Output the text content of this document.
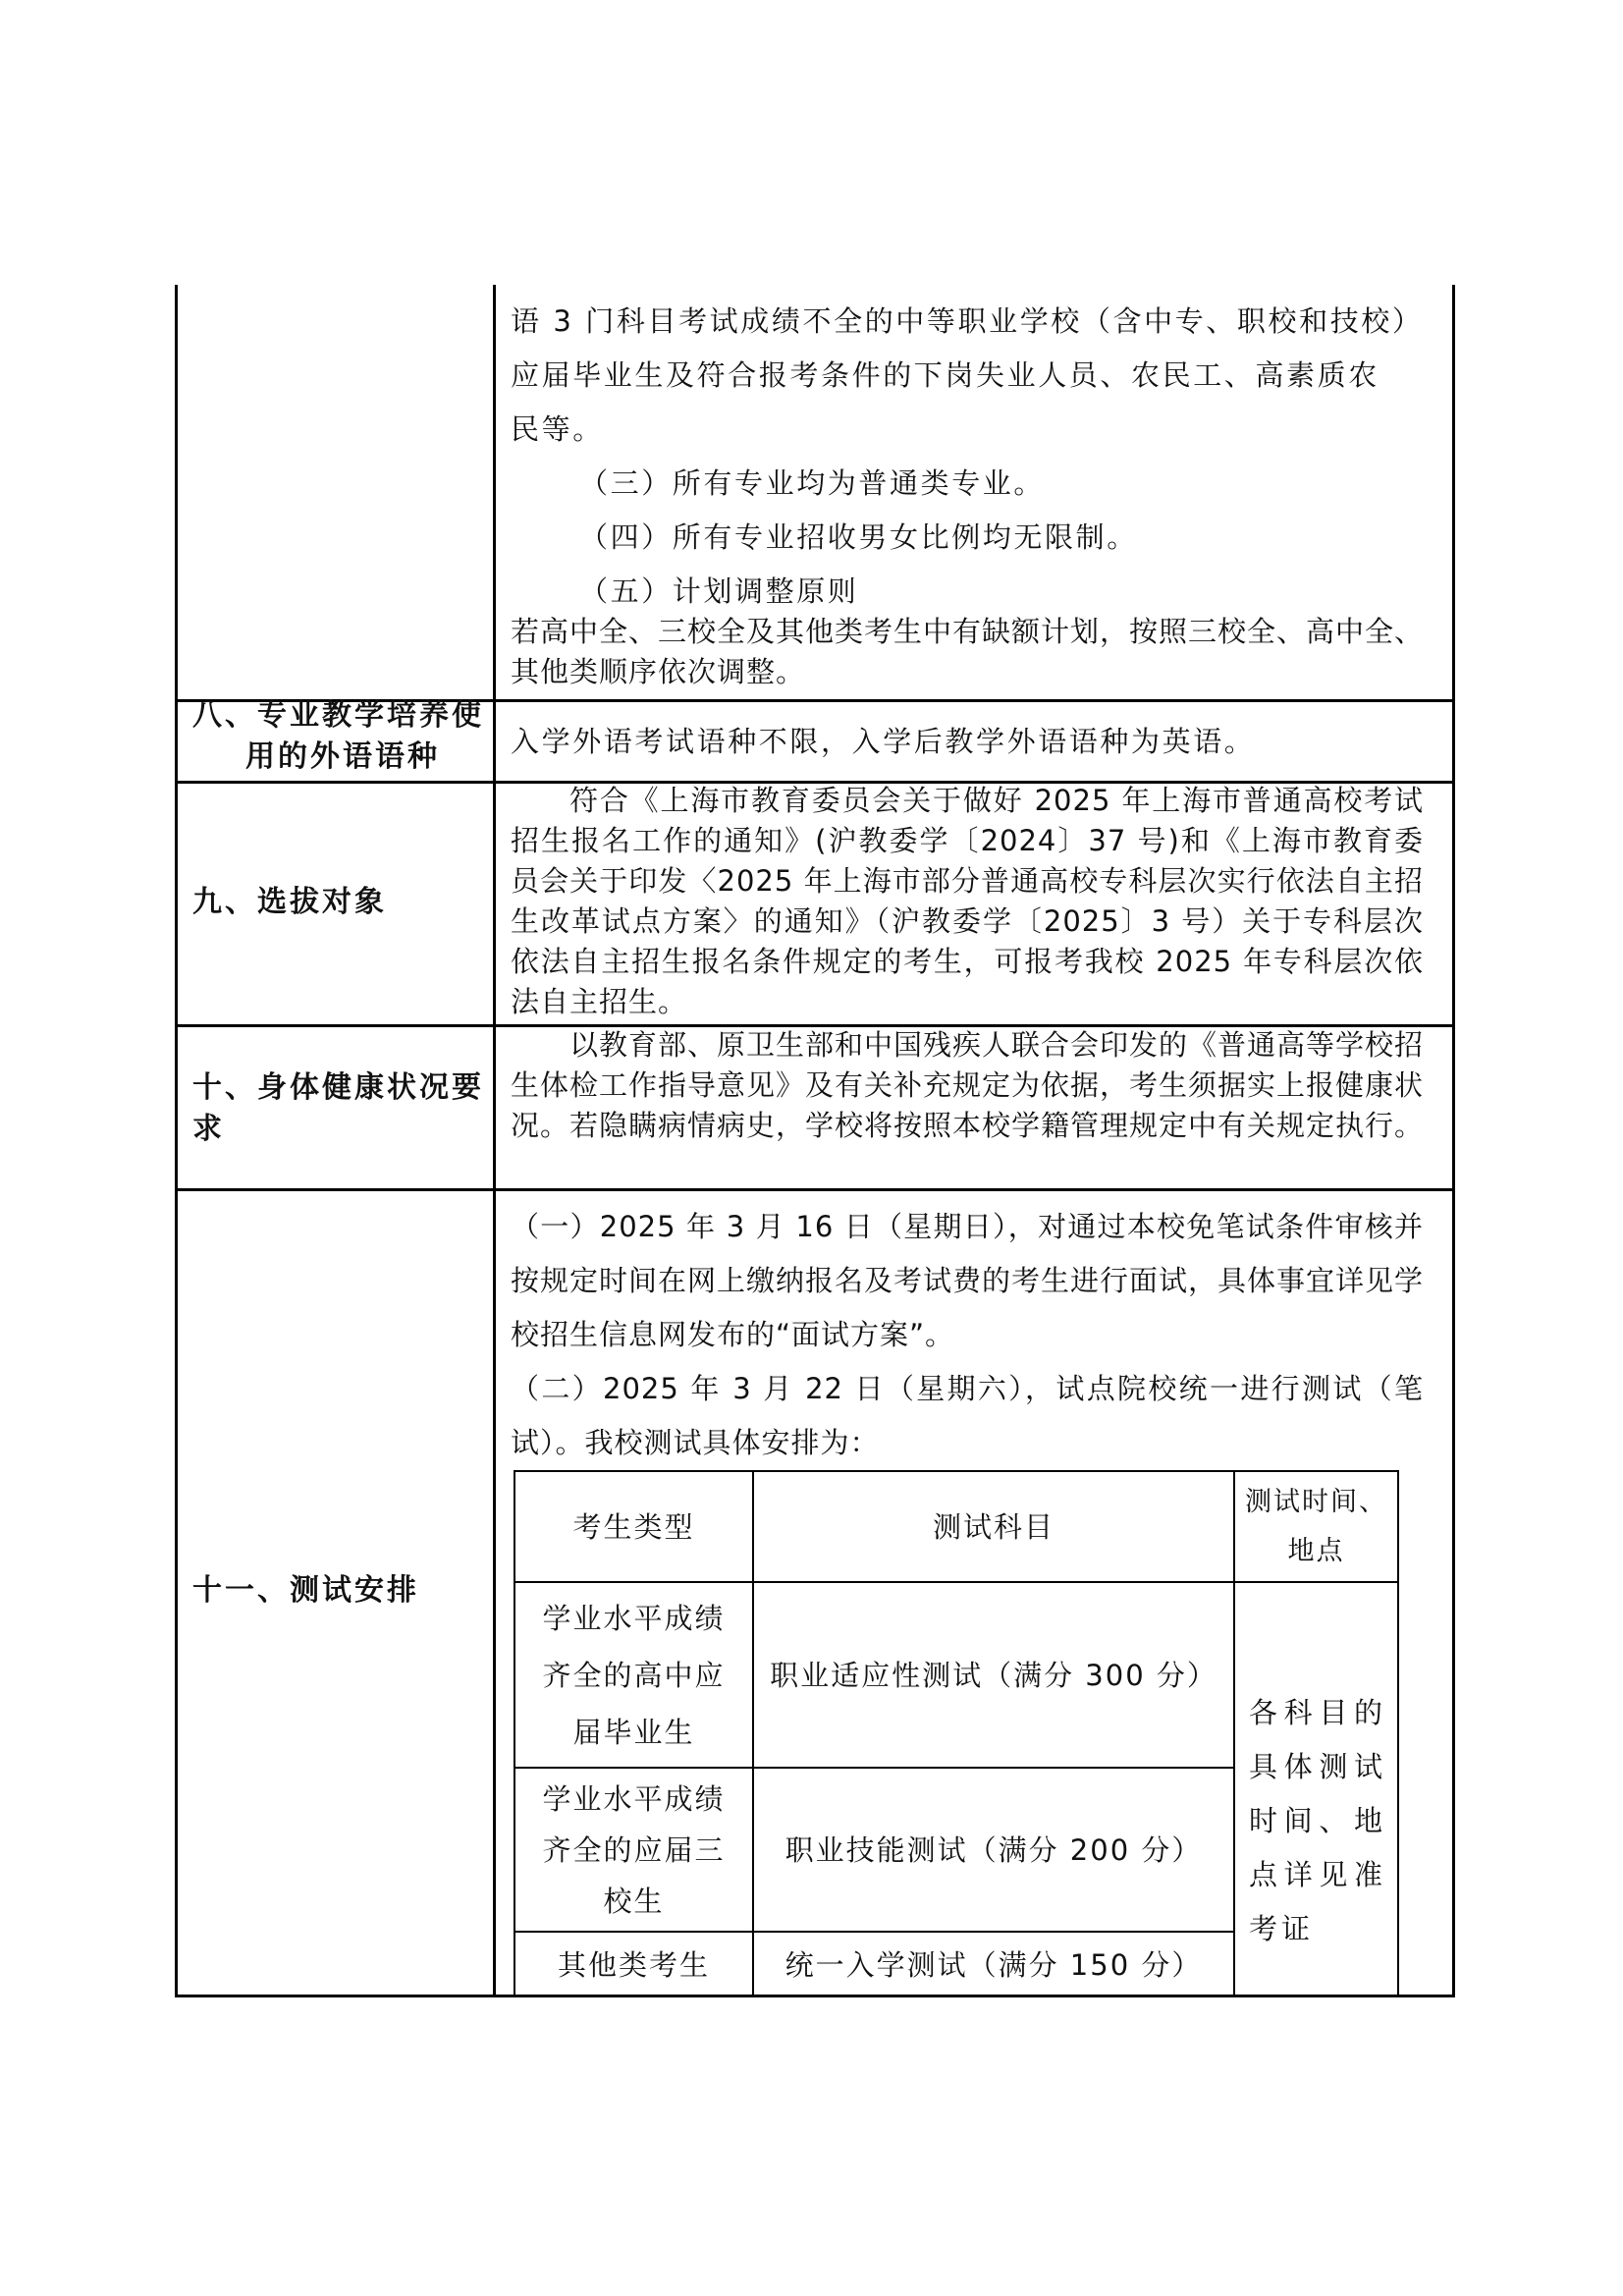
语 3 门科目考试成绩不全的中等职业学校（含中专、职校和技校）
应届毕业生及符合报考条件的下岗失业人员、农民工、高素质农
民等。
（三）所有专业均为普通类专业。
（四）所有专业招收男女比例均无限制。
（五）计划调整原则
若高中全、三校全及其他类考生中有缺额计划，按照三校全、高中全、其他类顺序依次调整。
八、专业教学培养使
用的外语语种 入学外语考试语种不限，入学后教学外语语种为英语。
九、选拔对象
符合《上海市教育委员会关于做好 2025 年上海市普通高校考试招生报名工作的通知》(沪教委学〔2024〕37 号)和《上海市教育委员会关于印发〈2025 年上海市部分普通高校专科层次实行依法自主招生改革试点方案〉的通知》（沪教委学〔2025〕3 号）关于专科层次依法自主招生报名条件规定的考生，可报考我校 2025 年专科层次依法自主招生。
十、身体健康状况要
求
以教育部、原卫生部和中国残疾人联合会印发的《普通高等学校招生体检工作指导意见》及有关补充规定为依据，考生须据实上报健康状况。若隐瞒病情病史，学校将按照本校学籍管理规定中有关规定执行。
十一、测试安排
（一）2025 年 3 月 16 日（星期日），对通过本校免笔试条件审核并按规定时间在网上缴纳报名及考试费的考生进行面试，具体事宜详见学校招生信息网发布的“面试方案”。
（二）2025 年 3 月 22 日（星期六），试点院校统一进行测试（笔试）。我校测试具体安排为：
考生类型	测试科目
测试时间、地点
学业水平成绩齐全的高中应届毕业生
职业适应性测试（满分 300 分）
学业水平成绩齐全的应届三校生
职业技能测试（满分 200 分）
其他类考生	统一入学测试（满分 150 分）
各科目的具体测试时间、地点详见准考证
